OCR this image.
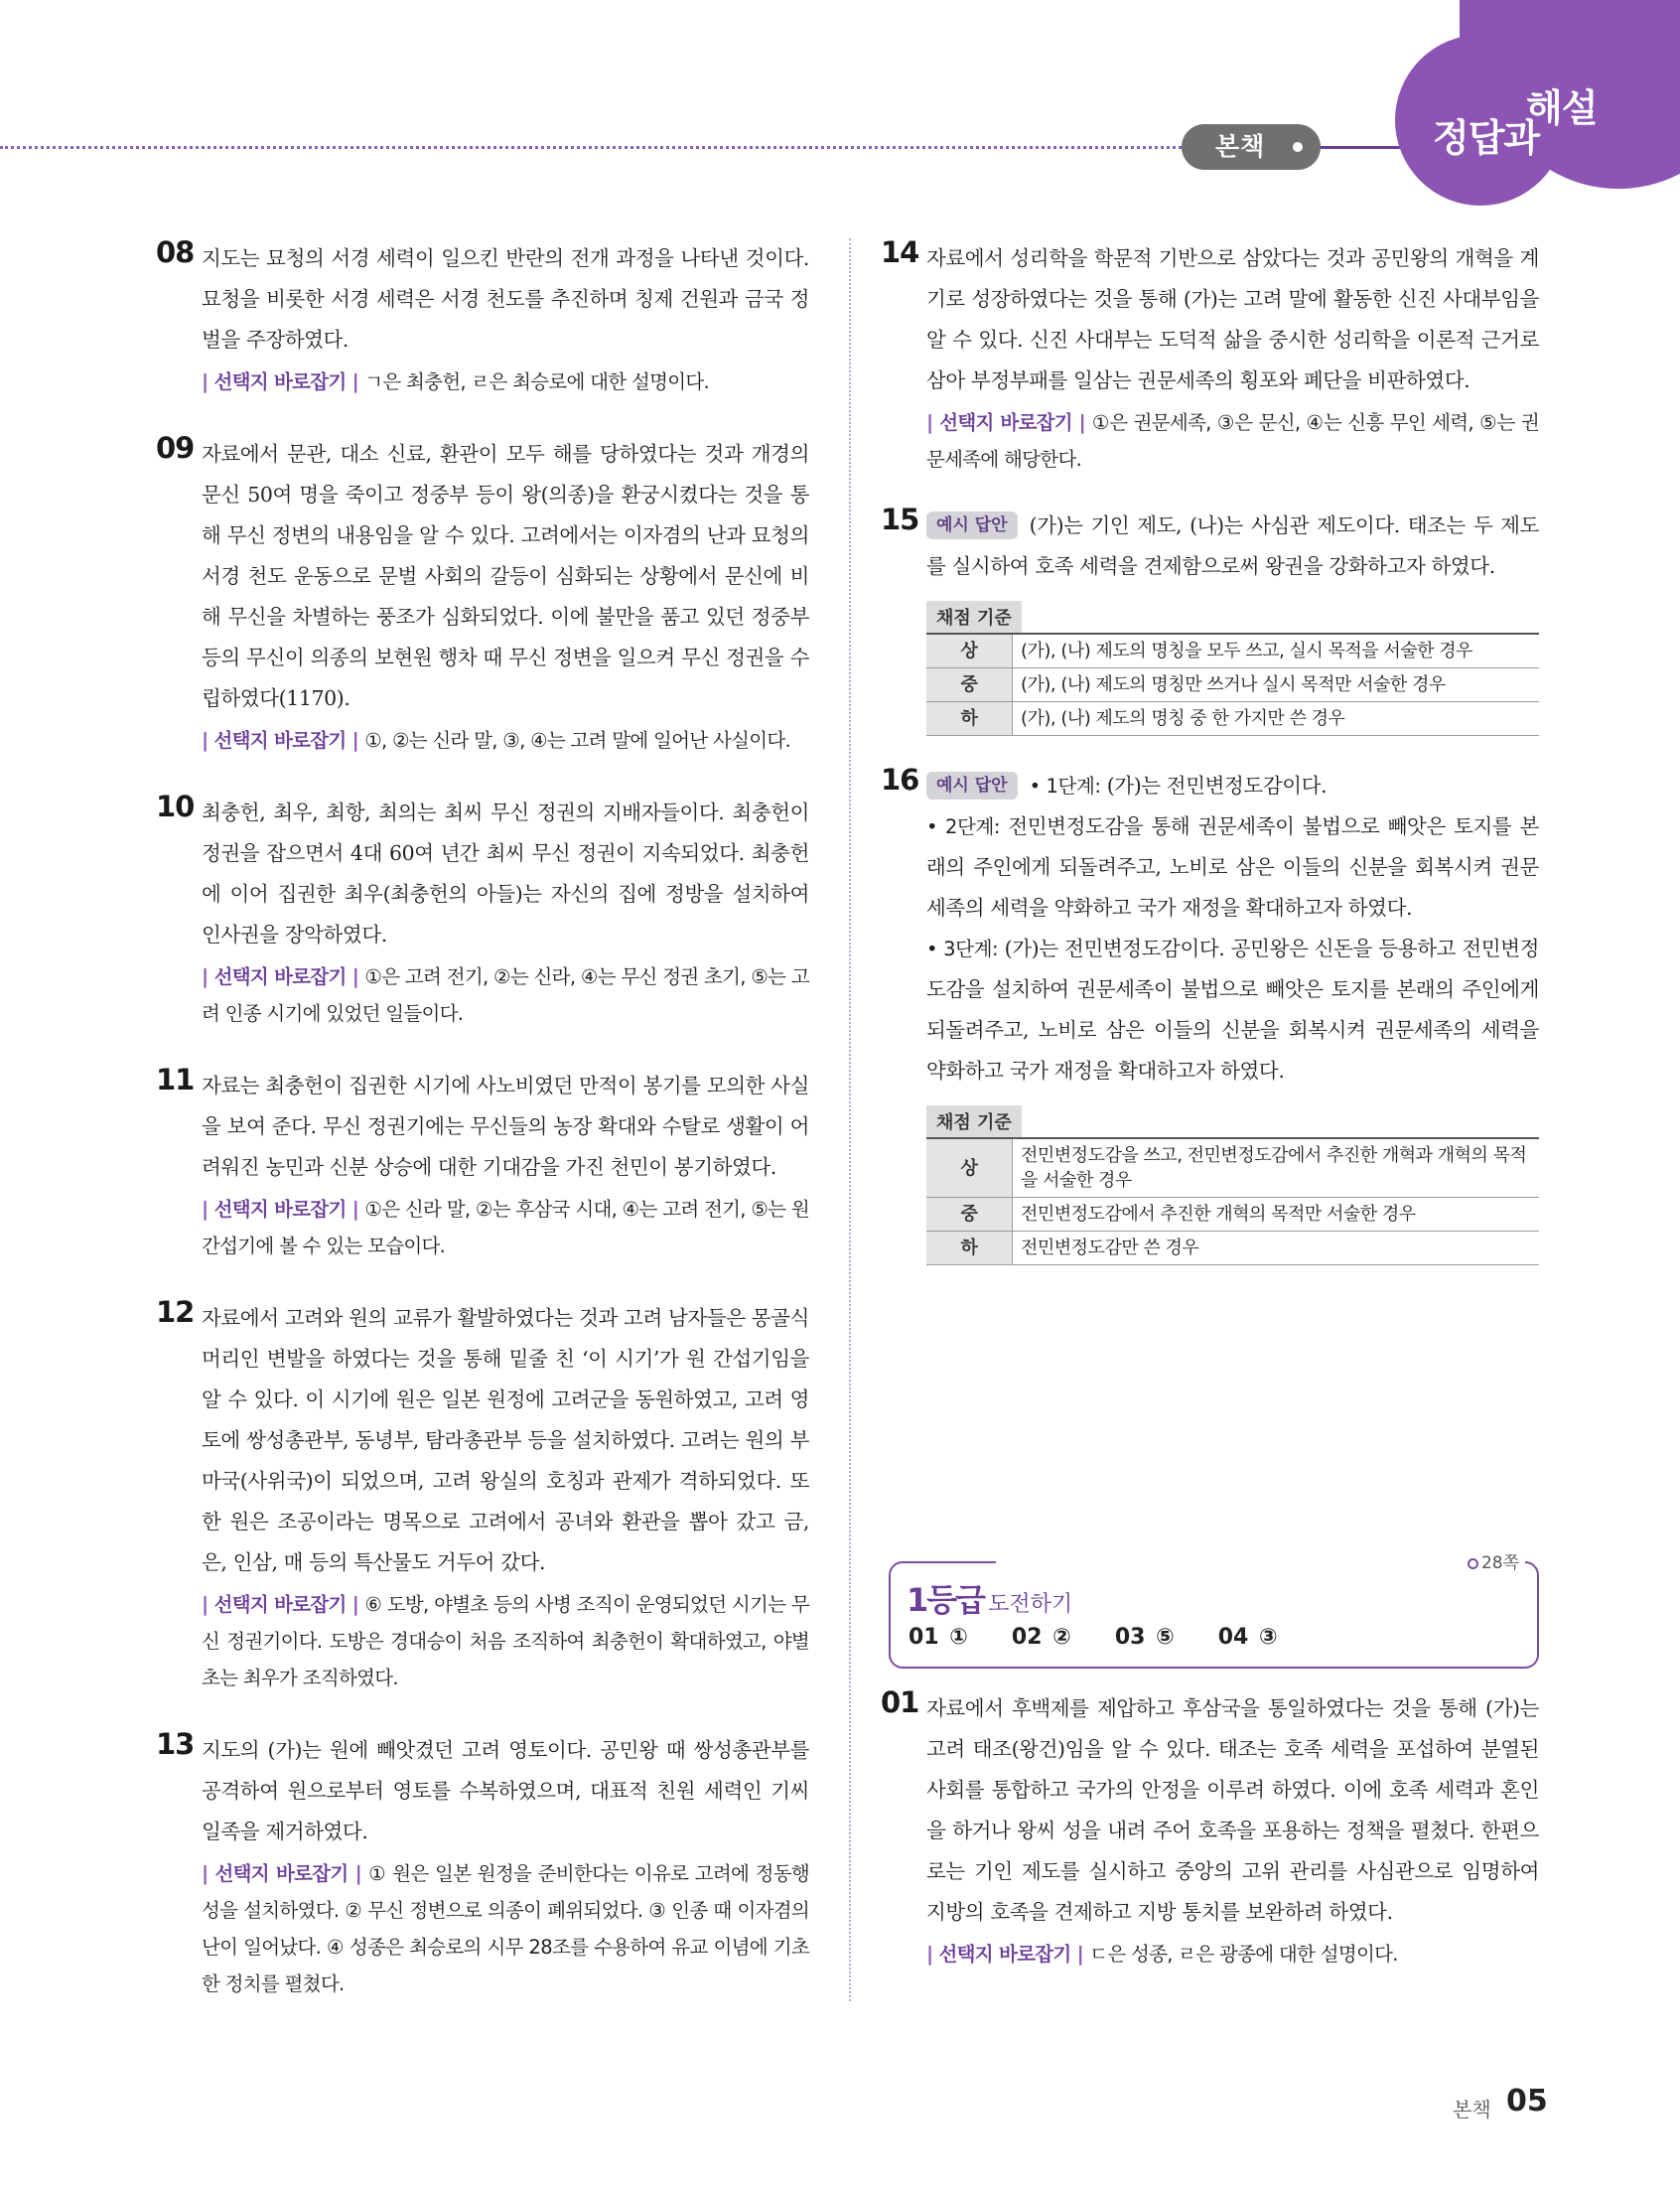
본책	정답과
해설
08 지도는 묘청의 서경 세력이 일으킨 반란의 전개 과정을 나타낸 것이다. 묘청을 비롯한 서경 세력은 서경 천도를 추진하며 칭제 건원과 금국 정벌을 주장하였다.
| 선택지 바로잡기 | ㄱ은 최충헌, ㄹ은 최승로에 대한 설명이다.
09 자료에서 문관, 대소 신료, 환관이 모두 해를 당하였다는 것과 개경의 문신 50여 명을 죽이고 정중부 등이 왕(의종)을 환궁시켰다는 것을 통해 무신 정변의 내용임을 알 수 있다. 고려에서는 이자겸의 난과 묘청의 서경 천도 운동으로 문벌 사회의 갈등이 심화되는 상황에서 문신에 비해 무신을 차별하는 풍조가 심화되었다. 이에 불만을 품고 있던 정중부 등의 무신이 의종의 보현원 행차 때 무신 정변을 일으켜 무신 정권을 수립하였다(1170).
| 선택지 바로잡기 | ①, ②는 신라 말, ③, ④는 고려 말에 일어난 사실이다.
10 최충헌, 최우, 최항, 최의는 최씨 무신 정권의 지배자들이다. 최충헌이 정권을 잡으면서 4대 60여 년간 최씨 무신 정권이 지속되었다. 최충헌에 이어 집권한 최우(최충헌의 아들)는 자신의 집에 정방을 설치하여 인사권을 장악하였다.
| 선택지 바로잡기 | ①은 고려 전기, ②는 신라, ④는 무신 정권 초기, ⑤는 고려 인종 시기에 있었던 일들이다.
11 자료는 최충헌이 집권한 시기에 사노비였던 만적이 봉기를 모의한 사실을 보여 준다. 무신 정권기에는 무신들의 농장 확대와 수탈로 생활이 어려워진 농민과 신분 상승에 대한 기대감을 가진 천민이 봉기하였다.
| 선택지 바로잡기 | ①은 신라 말, ②는 후삼국 시대, ④는 고려 전기, ⑤는 원 간섭기에 볼 수 있는 모습이다.
12 자료에서 고려와 원의 교류가 활발하였다는 것과 고려 남자들은 몽골식 머리인 변발을 하였다는 것을 통해 밑줄 친 ‘이 시기’가 원 간섭기임을 알 수 있다. 이 시기에 원은 일본 원정에 고려군을 동원하였고, 고려 영토에 쌍성총관부, 동녕부, 탐라총관부 등을 설치하였다. 고려는 원의 부마국(사위국)이 되었으며, 고려 왕실의 호칭과 관제가 격하되었다. 또한 원은 조공이라는 명목으로 고려에서 공녀와 환관을 뽑아 갔고 금, 은, 인삼, 매 등의 특산물도 거두어 갔다.
| 선택지 바로잡기 | ⑥ 도방, 야별초 등의 사병 조직이 운영되었던 시기는 무신 정권기이다. 도방은 경대승이 처음 조직하여 최충헌이 확대하였고, 야별초는 최우가 조직하였다.
13 지도의 (가)는 원에 빼앗겼던 고려 영토이다. 공민왕 때 쌍성총관부를 공격하여 원으로부터 영토를 수복하였으며, 대표적 친원 세력인 기씨 일족을 제거하였다.
| 선택지 바로잡기 | ① 원은 일본 원정을 준비한다는 이유로 고려에 정동행성을 설치하였다. ② 무신 정변으로 의종이 폐위되었다. ③ 인종 때 이자겸의 난이 일어났다. ④ 성종은 최승로의 시무 28조를 수용하여 유교 이념에 기초한 정치를 펼쳤다.
14 자료에서 성리학을 학문적 기반으로 삼았다는 것과 공민왕의 개혁을 계기로 성장하였다는 것을 통해 (가)는 고려 말에 활동한 신진 사대부임을 알 수 있다. 신진 사대부는 도덕적 삶을 중시한 성리학을 이론적 근거로 삼아 부정부패를 일삼는 권문세족의 횡포와 폐단을 비판하였다.
| 선택지 바로잡기 | ①은 권문세족, ③은 문신, ④는 신흥 무인 세력, ⑤는 권문세족에 해당한다.
15	예시 답안 (가)는 기인 제도, (나)는 사심관 제도이다. 태조는 두 제도를 실시하여 호족 세력을 견제함으로써 왕권을 강화하고자 하였다.
채점 기준
상	(가), (나) 제도의 명칭을 모두 쓰고, 실시 목적을 서술한 경우
중	(가), (나) 제도의 명칭만 쓰거나 실시 목적만 서술한 경우
하	(가), (나) 제도의 명칭 중 한 가지만 쓴 경우
16	예시 답안 • 1단계: (가)는 전민변정도감이다.
• 2단계: 전민변정도감을 통해 권문세족이 불법으로 빼앗은 토지를 본래의 주인에게 되돌려주고, 노비로 삼은 이들의 신분을 회복시켜 권문세족의 세력을 약화하고 국가 재정을 확대하고자 하였다.
• 3단계: (가)는 전민변정도감이다. 공민왕은 신돈을 등용하고 전민변정도감을 설치하여 권문세족이 불법으로 빼앗은 토지를 본래의 주인에게 되돌려주고, 노비로 삼은 이들의 신분을 회복시켜 권문세족의 세력을 약화하고 국가 재정을 확대하고자 하였다.
채점 기준
상	전민변정도감을 쓰고, 전민변정도감에서 추진한 개혁과 개혁의 목적을 서술한 경우
중	전민변정도감에서 추진한 개혁의 목적만 서술한 경우
하	전민변정도감만 쓴 경우
1등급 도전하기
28쪽
01 ① 02 ② 03 ⑤ 04 ③
01 자료에서 후백제를 제압하고 후삼국을 통일하였다는 것을 통해 (가)는 고려 태조(왕건)임을 알 수 있다. 태조는 호족 세력을 포섭하여 분열된 사회를 통합하고 국가의 안정을 이루려 하였다. 이에 호족 세력과 혼인을 하거나 왕씨 성을 내려 주어 호족을 포용하는 정책을 펼쳤다. 한편으로는 기인 제도를 실시하고 중앙의 고위 관리를 사심관으로 임명하여 지방의 호족을 견제하고 지방 통치를 보완하려 하였다.
| 선택지 바로잡기 | ㄷ은 성종, ㄹ은 광종에 대한 설명이다.
본책 05
